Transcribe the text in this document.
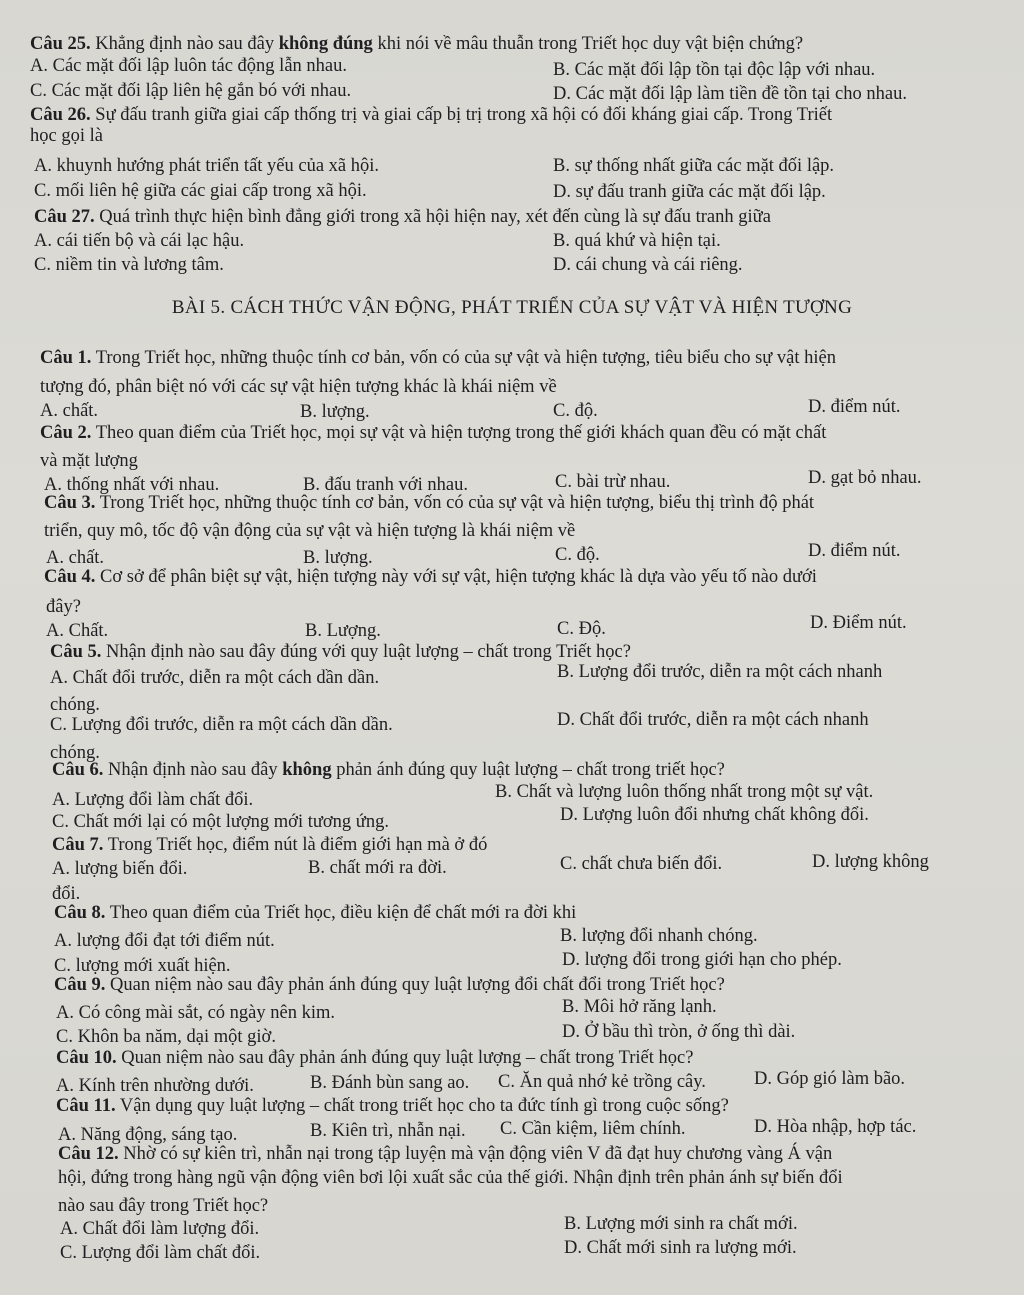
Câu 25. Khẳng định nào sau đây không đúng khi nói về mâu thuẫn trong Triết học duy vật biện chứng?
A. Các mặt đối lập luôn tác động lẫn nhau.	B. Các mặt đối lập tồn tại độc lập với nhau.
C. Các mặt đối lập liên hệ gắn bó với nhau.	D. Các mặt đối lập làm tiền đề tồn tại cho nhau.
Câu 26. Sự đấu tranh giữa giai cấp thống trị và giai cấp bị trị trong xã hội có đối kháng giai cấp. Trong Triết
học gọi là
A. khuynh hướng phát triển tất yếu của xã hội.	B. sự thống nhất giữa các mặt đối lập.
C. mối liên hệ giữa các giai cấp trong xã hội.	D. sự đấu tranh giữa các mặt đối lập.
Câu 27. Quá trình thực hiện bình đẳng giới trong xã hội hiện nay, xét đến cùng là sự đấu tranh giữa
A. cái tiến bộ và cái lạc hậu.	B. quá khứ và hiện tại.
C. niềm tin và lương tâm.	D. cái chung và cái riêng.
BÀI 5. CÁCH THỨC VẬN ĐỘNG, PHÁT TRIỂN CỦA SỰ VẬT VÀ HIỆN TƯỢNG
Câu 1. Trong Triết học, những thuộc tính cơ bản, vốn có của sự vật và hiện tượng, tiêu biểu cho sự vật hiện
tượng đó, phân biệt nó với các sự vật hiện tượng khác là khái niệm về
A. chất.	B. lượng.	C. độ.	D. điểm nút.
Câu 2. Theo quan điểm của Triết học, mọi sự vật và hiện tượng trong thế giới khách quan đều có mặt chất
và mặt lượng
A. thống nhất với nhau.	B. đấu tranh với nhau.	C. bài trừ nhau.	D. gạt bỏ nhau.
Câu 3. Trong Triết học, những thuộc tính cơ bản, vốn có của sự vật và hiện tượng, biểu thị trình độ phát
triển, quy mô, tốc độ vận động của sự vật và hiện tượng là khái niệm về
A. chất.	B. lượng.	C. độ.	D. điểm nút.
Câu 4. Cơ sở để phân biệt sự vật, hiện tượng này với sự vật, hiện tượng khác là dựa vào yếu tố nào dưới
đây?
A. Chất.	B. Lượng.	C. Độ.	D. Điểm nút.
Câu 5. Nhận định nào sau đây đúng với quy luật lượng – chất trong Triết học?
A. Chất đổi trước, diễn ra một cách dần dần.	B. Lượng đổi trước, diễn ra một cách nhanh
chóng.
C. Lượng đổi trước, diễn ra một cách dần dần.	D. Chất đổi trước, diễn ra một cách nhanh
chóng.
Câu 6. Nhận định nào sau đây không phản ánh đúng quy luật lượng – chất trong triết học?
A. Lượng đổi làm chất đổi.	B. Chất và lượng luôn thống nhất trong một sự vật.
C. Chất mới lại có một lượng mới tương ứng.	D. Lượng luôn đổi nhưng chất không đổi.
Câu 7. Trong Triết học, điểm nút là điểm giới hạn mà ở đó
A. lượng biến đổi.	B. chất mới ra đời.	C. chất chưa biến đổi.	D. lượng không
đổi.
Câu 8. Theo quan điểm của Triết học, điều kiện để chất mới ra đời khi
A. lượng đổi đạt tới điểm nút.	B. lượng đổi nhanh chóng.
C. lượng mới xuất hiện.	D. lượng đổi trong giới hạn cho phép.
Câu 9. Quan niệm nào sau đây phản ánh đúng quy luật lượng đổi chất đổi trong Triết học?
A. Có công mài sắt, có ngày nên kim.	B. Môi hở răng lạnh.
C. Khôn ba năm, dại một giờ.	D. Ở bầu thì tròn, ở ống thì dài.
Câu 10. Quan niệm nào sau đây phản ánh đúng quy luật lượng – chất trong Triết học?
A. Kính trên nhường dưới.	B. Đánh bùn sang ao. C. Ăn quả nhớ kẻ trồng cây.	D. Góp gió làm bão.
Câu 11. Vận dụng quy luật lượng – chất trong triết học cho ta đức tính gì trong cuộc sống?
A. Năng động, sáng tạo.	B. Kiên trì, nhẫn nại. C. Cần kiệm, liêm chính.	D. Hòa nhập, hợp tác.
Câu 12. Nhờ có sự kiên trì, nhẫn nại trong tập luyện mà vận động viên V đã đạt huy chương vàng Á vận
hội, đứng trong hàng ngũ vận động viên bơi lội xuất sắc của thế giới. Nhận định trên phản ánh sự biến đổi
nào sau đây trong Triết học?
A. Chất đổi làm lượng đổi.	B. Lượng mới sinh ra chất mới.
C. Lượng đổi làm chất đổi.	D. Chất mới sinh ra lượng mới.
